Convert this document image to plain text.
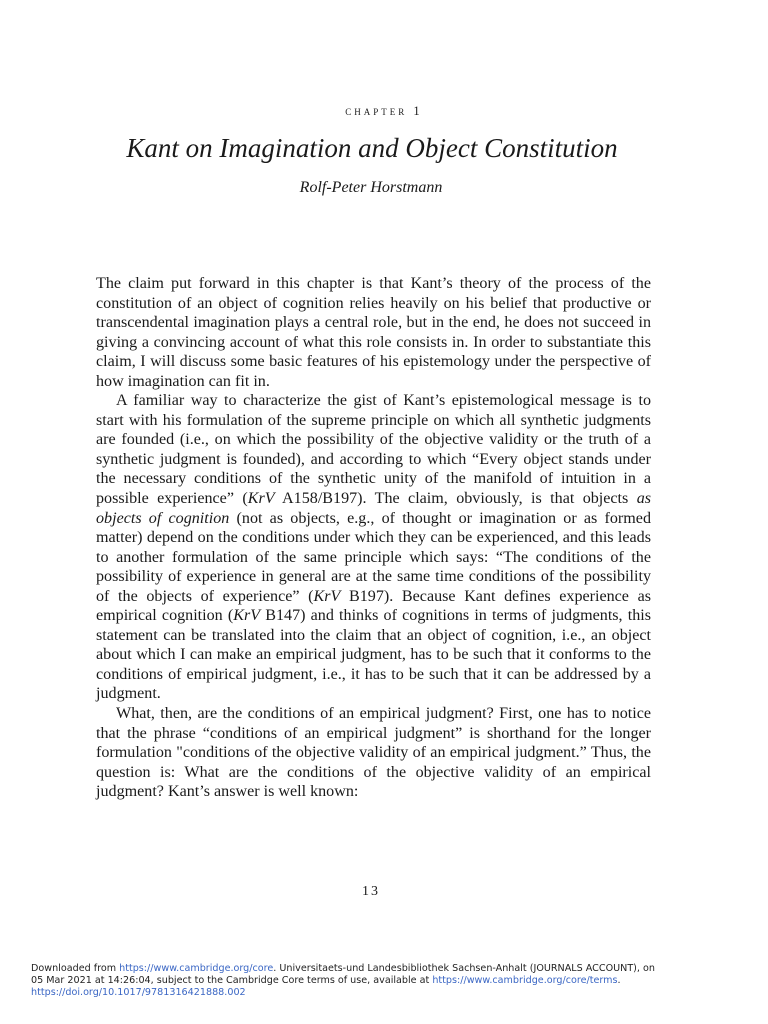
chapter 1
Kant on Imagination and Object Constitution
Rolf-Peter Horstmann

The claim put forward in this chapter is that Kant’s theory of the process of the constitution of an object of cognition relies heavily on his belief that productive or transcendental imagination plays a central role, but in the end, he does not succeed in giving a convincing account of what this role consists in. In order to substantiate this claim, I will discuss some basic features of his epistemology under the perspective of how imagination can fit in.

A familiar way to characterize the gist of Kant’s epistemological message is to start with his formulation of the supreme principle on which all synthetic judgments are founded (i.e., on which the possibility of the objective validity or the truth of a synthetic judgment is founded), and according to which “Every object stands under the necessary conditions of the synthetic unity of the manifold of intuition in a possible experience” (KrV A158/B197). The claim, obviously, is that objects as objects of cognition (not as objects, e.g., of thought or imagination or as formed matter) depend on the conditions under which they can be experienced, and this leads to another formulation of the same principle which says: “The conditions of the possibility of experience in general are at the same time conditions of the possibility of the objects of experience” (KrV B197). Because Kant defines experience as empirical cognition (KrV B147) and thinks of cognitions in terms of judgments, this statement can be translated into the claim that an object of cognition, i.e., an object about which I can make an empirical judgment, has to be such that it conforms to the conditions of empirical judgment, i.e., it has to be such that it can be addressed by a judgment.

What, then, are the conditions of an empirical judgment? First, one has to notice that the phrase “conditions of an empirical judgment” is shorthand for the longer formulation "conditions of the objective validity of an empirical judgment.” Thus, the question is: What are the conditions of the objective validity of an empirical judgment? Kant’s answer is well known:

13
Downloaded from https://www.cambridge.org/core. Universitaets-und Landesbibliothek Sachsen-Anhalt (JOURNALS ACCOUNT), on
05 Mar 2021 at 14:26:04, subject to the Cambridge Core terms of use, available at https://www.cambridge.org/core/terms.
https://doi.org/10.1017/9781316421888.002
